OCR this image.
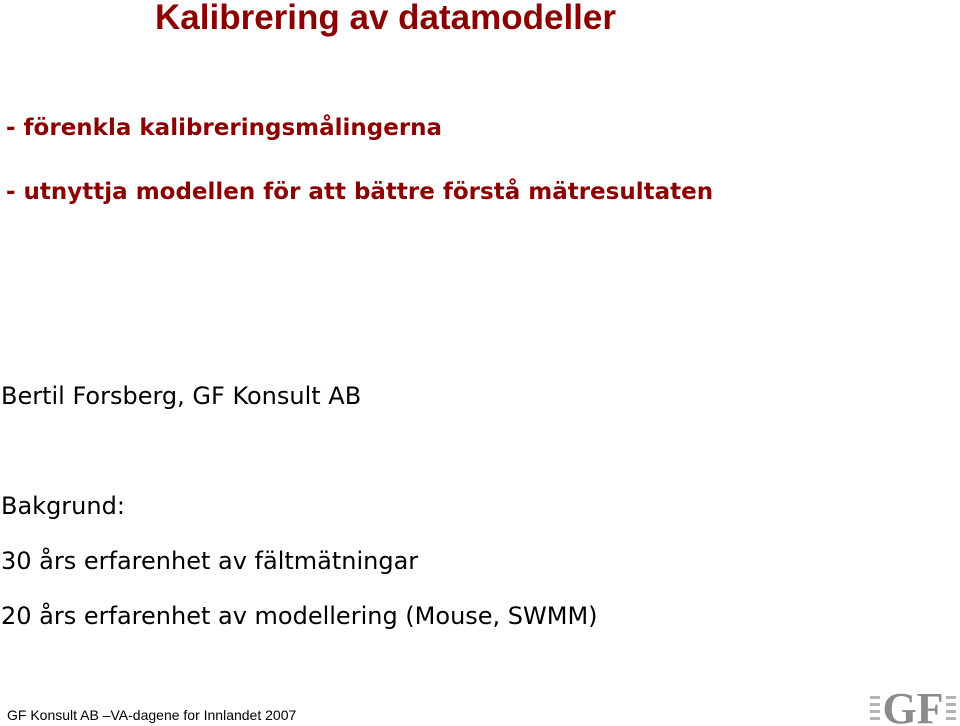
Kalibrering av datamodeller

- förenkla kalibreringsmålingerna

- utnyttja modellen för att bättre förstå mätresultaten

Bertil Forsberg, GF Konsult AB

Bakgrund:

30 års erfarenhet av fältmätningar

20 års erfarenhet av modellering (Mouse, SWMM)

GF Konsult AB –VA-dagene for Innlandet 2007	GF
